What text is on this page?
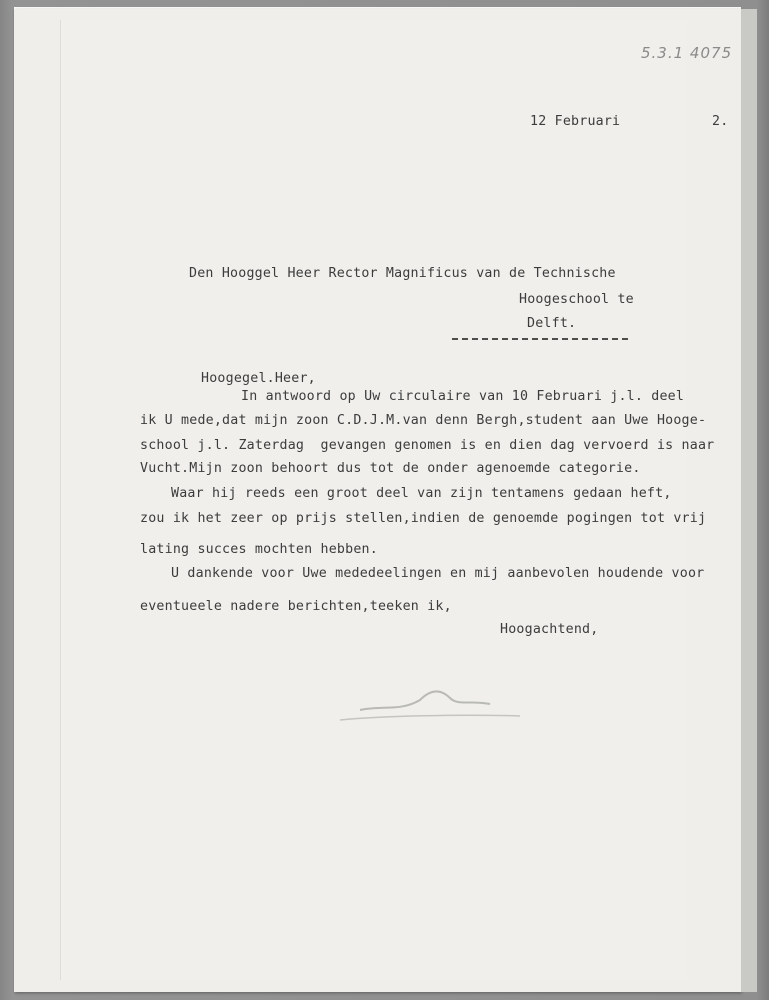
5.3.1 4075
12 Februari	2.
Den Hooggel Heer Rector Magnificus van de Technische
Hoogeschool te
Delft.
Hoogegel.Heer,
In antwoord op Uw circulaire van 10 Februari j.l. deel
ik U mede,dat mijn zoon C.D.J.M.van denn Bergh,student aan Uwe Hooge-
school j.l. Zaterdag  gevangen genomen is en dien dag vervoerd is naar
Vucht.Mijn zoon behoort dus tot de onder agenoemde categorie.
Waar hij reeds een groot deel van zijn tentamens gedaan heft,
zou ik het zeer op prijs stellen,indien de genoemde pogingen tot vrij
lating succes mochten hebben.
U dankende voor Uwe mededeelingen en mij aanbevolen houdende voor
eventueele nadere berichten,teeken ik,
Hoogachtend,
